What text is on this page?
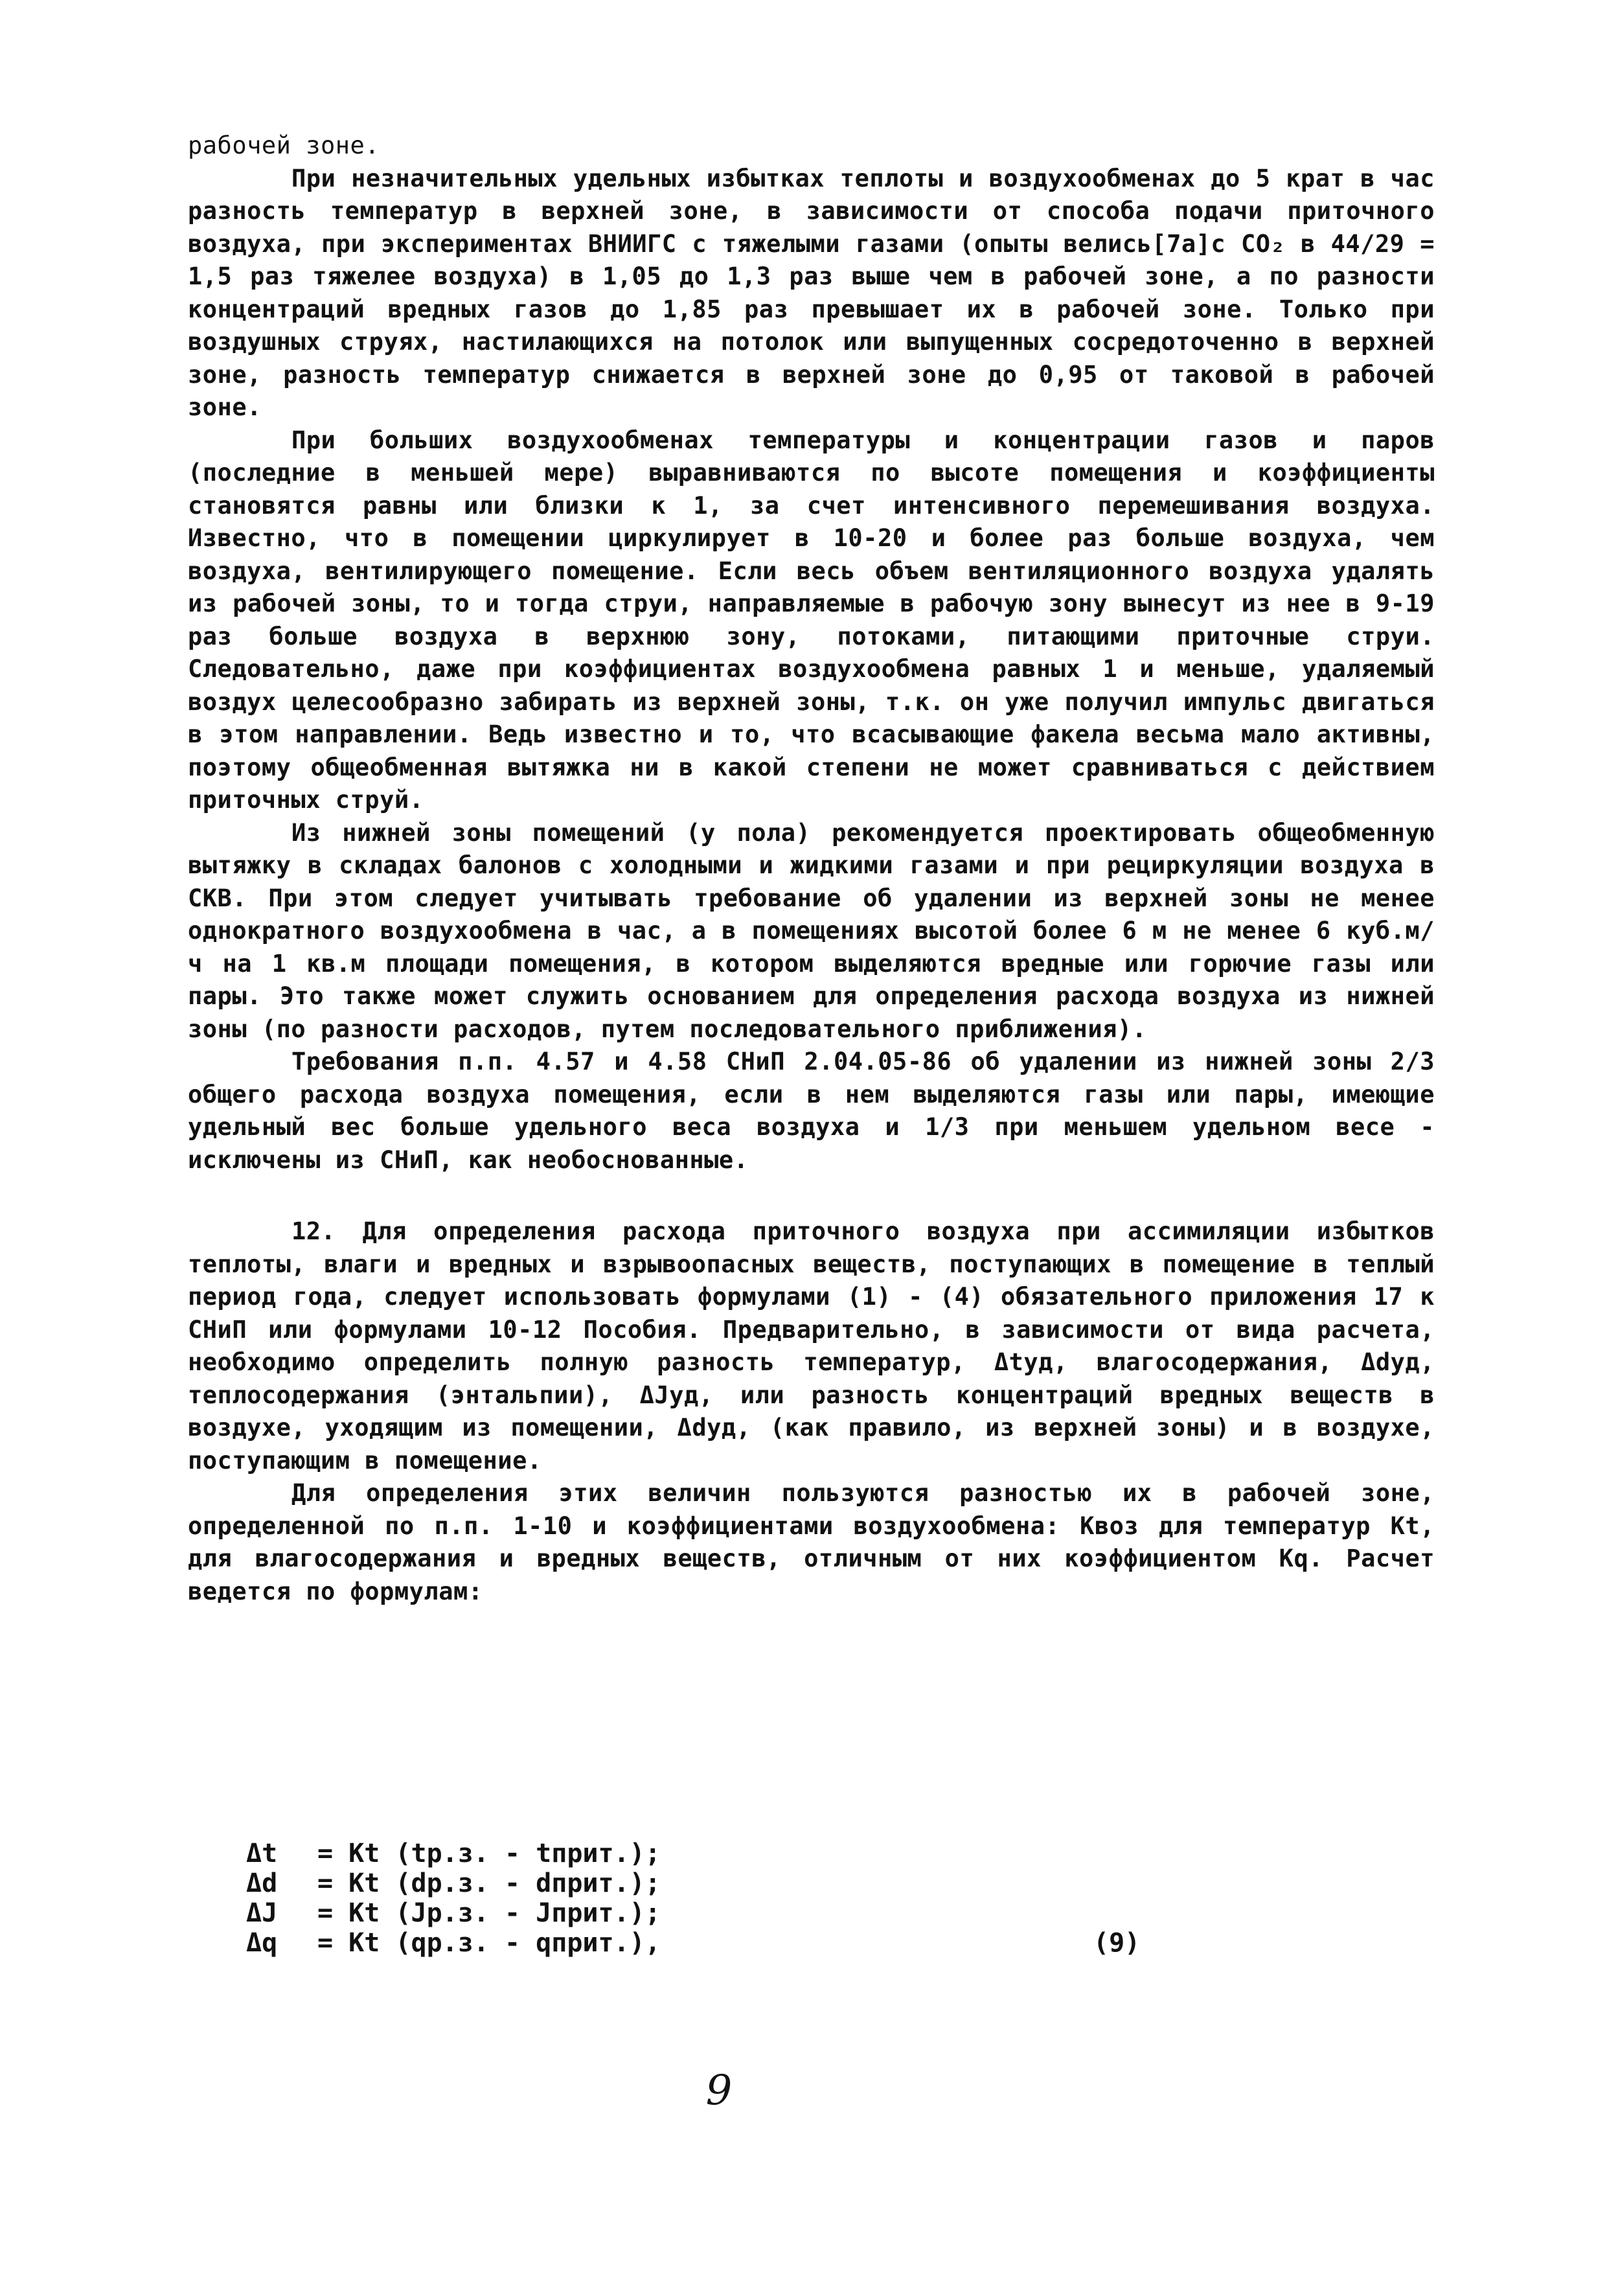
рабочей зоне.

При незначительных удельных избытках теплоты и воздухообменах до 5 крат в час разность температур в верхней зоне, в зависимости от способа подачи приточного воздуха, при экспериментах ВНИИГС с тяжелыми газами (опыты велись[7а]с CO₂ в 44/29 = 1,5 раз тяжелее воздуха) в 1,05 до 1,3 раз выше чем в рабочей зоне, а по разности концентраций вредных газов до 1,85 раз превышает их в рабочей зоне. Только при воздушных струях, настилающихся на потолок или выпущенных сосредоточенно в верхней зоне, разность температур снижается в верхней зоне до 0,95 от таковой в рабочей зоне.

При больших воздухообменах температуры и концентрации газов и паров (последние в меньшей мере) выравниваются по высоте помещения и коэффициенты становятся равны или близки к 1, за счет интенсивного перемешивания воздуха. Известно, что в помещении циркулирует в 10-20 и более раз больше воздуха, чем воздуха, вентилирующего помещение. Если весь объем вентиляционного воздуха удалять из рабочей зоны, то и тогда струи, направляемые в рабочую зону вынесут из нее в 9-19 раз больше воздуха в верхнюю зону, потоками, питающими приточные струи. Следовательно, даже при коэффициентах воздухообмена равных 1 и меньше, удаляемый воздух целесообразно забирать из верхней зоны, т.к. он уже получил импульс двигаться в этом направлении. Ведь известно и то, что всасывающие факела весьма мало активны, поэтому общеобменная вытяжка ни в какой степени не может сравниваться с действием приточных струй.

Из нижней зоны помещений (у пола) рекомендуется проектировать общеобменную вытяжку в складах балонов с холодными и жидкими газами и при рециркуляции воздуха в СКВ. При этом следует учитывать требование об удалении из верхней зоны не менее однократного воздухообмена в час, а в помещениях высотой более 6 м не менее 6 куб.м/ч на 1 кв.м площади помещения, в котором выделяются вредные или горючие газы или пары. Это также может служить основанием для определения расхода воздуха из нижней зоны (по разности расходов, путем последовательного приближения).

Требования п.п. 4.57 и 4.58 СНиП 2.04.05-86 об удалении из нижней зоны 2/3 общего расхода воздуха помещения, если в нем выделяются газы или пары, имеющие удельный вес больше удельного веса воздуха и 1/3 при меньшем удельном весе - исключены из СНиП, как необоснованные.

12. Для определения расхода приточного воздуха при ассимиляции избытков теплоты, влаги и вредных и взрывоопасных веществ, поступающих в помещение в теплый период года, следует использовать формулами (1) - (4) обязательного приложения 17 к СНиП или формулами 10-12 Пособия. Предварительно, в зависимости от вида расчета, необходимо определить полную разность температур, Δtуд, влагосодержания, Δdуд, теплосодержания (энтальпии), ΔJуд, или разность концентраций вредных веществ в воздухе, уходящим из помещении, Δdуд, (как правило, из верхней зоны) и в воздухе, поступающим в помещение.

Для определения этих величин пользуются разностью их в рабочей зоне, определенной по п.п. 1-10 и коэффициентами воздухообмена: Kвоз для температур Kt, для влагосодержания и вредных веществ, отличным от них коэффициентом Kq. Расчет ведется по формулам:

Δt	= Kt (tр.з. - tприт.);
Δd	= Kt (dр.з. - dприт.);
ΔJ	= Kt (Jр.з. - Jприт.);
Δq	= Kt (qр.з. - qприт.),	(9)
9
